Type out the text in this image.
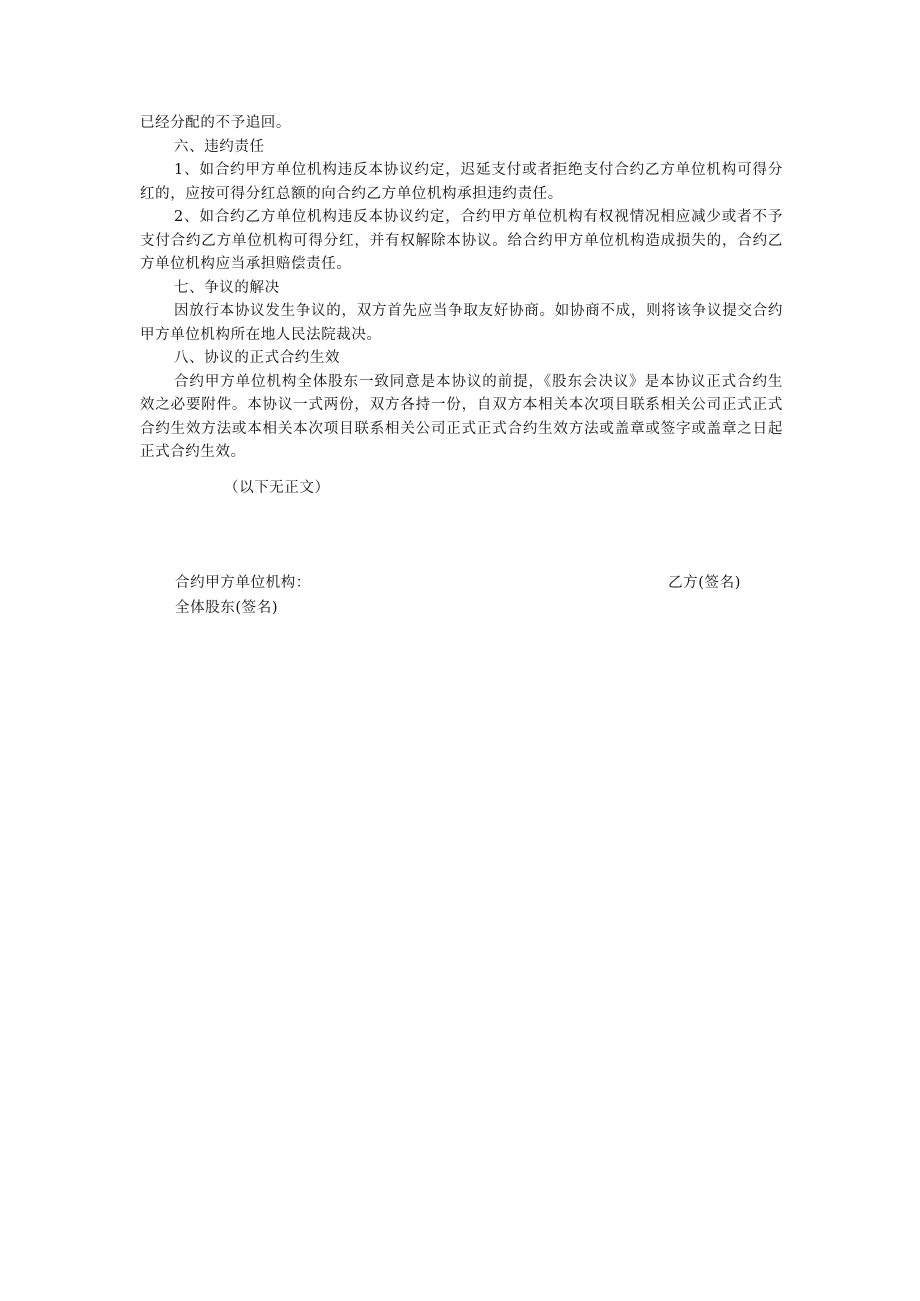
已经分配的不予追回。

六、违约责任

1、如合约甲方单位机构违反本协议约定，迟延支付或者拒绝支付合约乙方单位机构可得分红的，应按可得分红总额的向合约乙方单位机构承担违约责任。

2、如合约乙方单位机构违反本协议约定，合约甲方单位机构有权视情况相应减少或者不予支付合约乙方单位机构可得分红，并有权解除本协议。给合约甲方单位机构造成损失的，合约乙方单位机构应当承担赔偿责任。

七、争议的解决

因放行本协议发生争议的，双方首先应当争取友好协商。如协商不成，则将该争议提交合约甲方单位机构所在地人民法院裁决。

八、协议的正式合约生效

合约甲方单位机构全体股东一致同意是本协议的前提，《股东会决议》是本协议正式合约生效之必要附件。本协议一式两份，双方各持一份，自双方本相关本次项目联系相关公司正式正式合约生效方法或本相关本次项目联系相关公司正式正式合约生效方法或盖章或签字或盖章之日起正式合约生效。

（以下无正文）

合约甲方单位机构：	乙方(签名)

全体股东(签名)
